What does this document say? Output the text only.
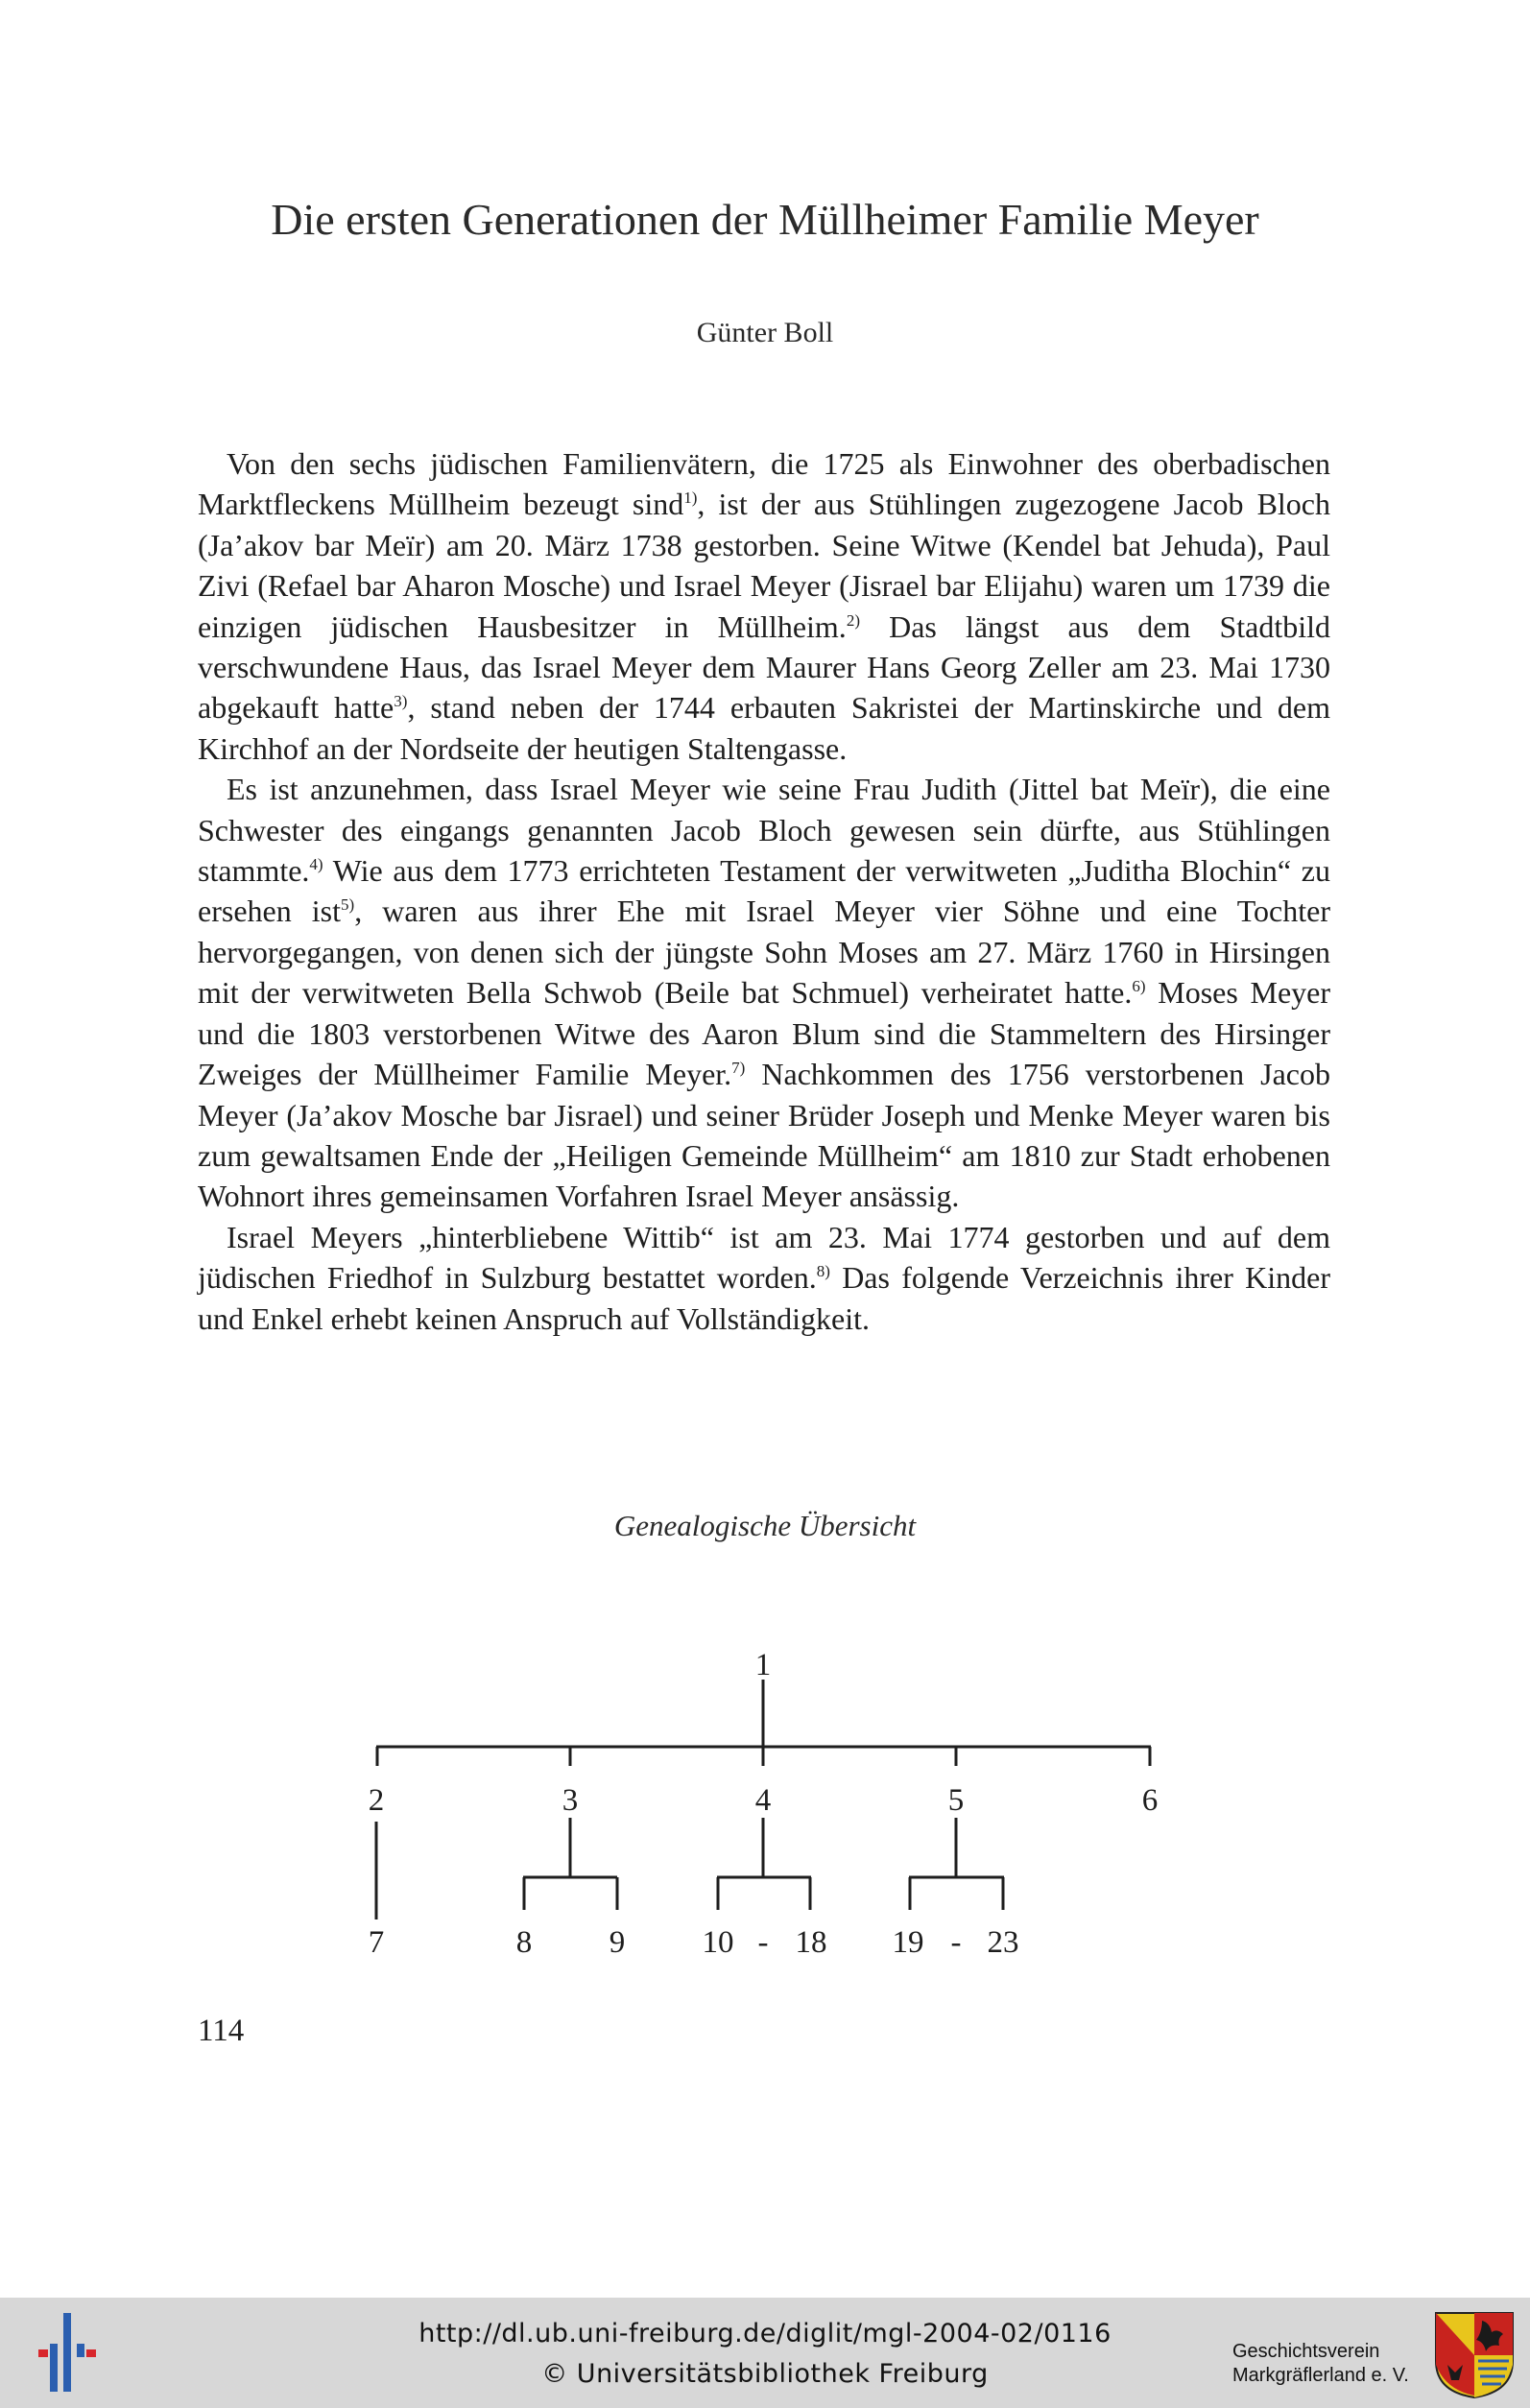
Die ersten Generationen der Müllheimer Familie Meyer
Günter Boll

Von den sechs jüdischen Familienvätern, die 1725 als Einwohner des oberbadischen Marktfleckens Müllheim bezeugt sind$^{1)}$, ist der aus Stühlingen zugezogene Jacob Bloch (Ja’akov bar Meïr) am 20. März 1738 gestorben. Seine Witwe (Kendel bat Jehuda), Paul Zivi (Refael bar Aharon Mosche) und Israel Meyer (Jisrael bar Elijahu) waren um 1739 die einzigen jüdischen Hausbesitzer in Müllheim.$^{2)}$ Das längst aus dem Stadtbild verschwundene Haus, das Israel Meyer dem Maurer Hans Georg Zeller am 23. Mai 1730 abgekauft hatte$^{3)}$, stand neben der 1744 erbauten Sakristei der Martinskirche und dem Kirchhof an der Nordseite der heutigen Staltengasse.

Es ist anzunehmen, dass Israel Meyer wie seine Frau Judith (Jittel bat Meïr), die eine Schwester des eingangs genannten Jacob Bloch gewesen sein dürfte, aus Stühlingen stammte.$^{4)}$ Wie aus dem 1773 errichteten Testament der verwitweten „Juditha Blochin“ zu ersehen ist$^{5)}$, waren aus ihrer Ehe mit Israel Meyer vier Söhne und eine Tochter hervorgegangen, von denen sich der jüngste Sohn Moses am 27. März 1760 in Hirsingen mit der verwitweten Bella Schwob (Beile bat Schmuel) verheiratet hatte.$^{6)}$ Moses Meyer und die 1803 verstorbenen Witwe des Aaron Blum sind die Stammeltern des Hirsinger Zweiges der Müllheimer Familie Meyer.$^{7)}$ Nachkommen des 1756 verstorbenen Jacob Meyer (Ja’akov Mosche bar Jisrael) und seiner Brüder Joseph und Menke Meyer waren bis zum gewaltsamen Ende der „Heiligen Gemeinde Müllheim“ am 1810 zur Stadt erhobenen Wohnort ihres gemeinsamen Vorfahren Israel Meyer ansässig.

Israel Meyers „hinterbliebene Wittib“ ist am 23. Mai 1774 gestorben und auf dem jüdischen Friedhof in Sulzburg bestattet worden.$^{8)}$ Das folgende Verzeichnis ihrer Kinder und Enkel erhebt keinen Anspruch auf Vollständigkeit.

Genealogische Übersicht
1
2	3	4	5	6
7	8 9 10 - 18 19 - 23
114
http://dl.ub.uni-freiburg.de/diglit/mgl-2004-02/0116
© Universitätsbibliothek Freiburg
Geschichtsverein
Markgräflerland e. V.
